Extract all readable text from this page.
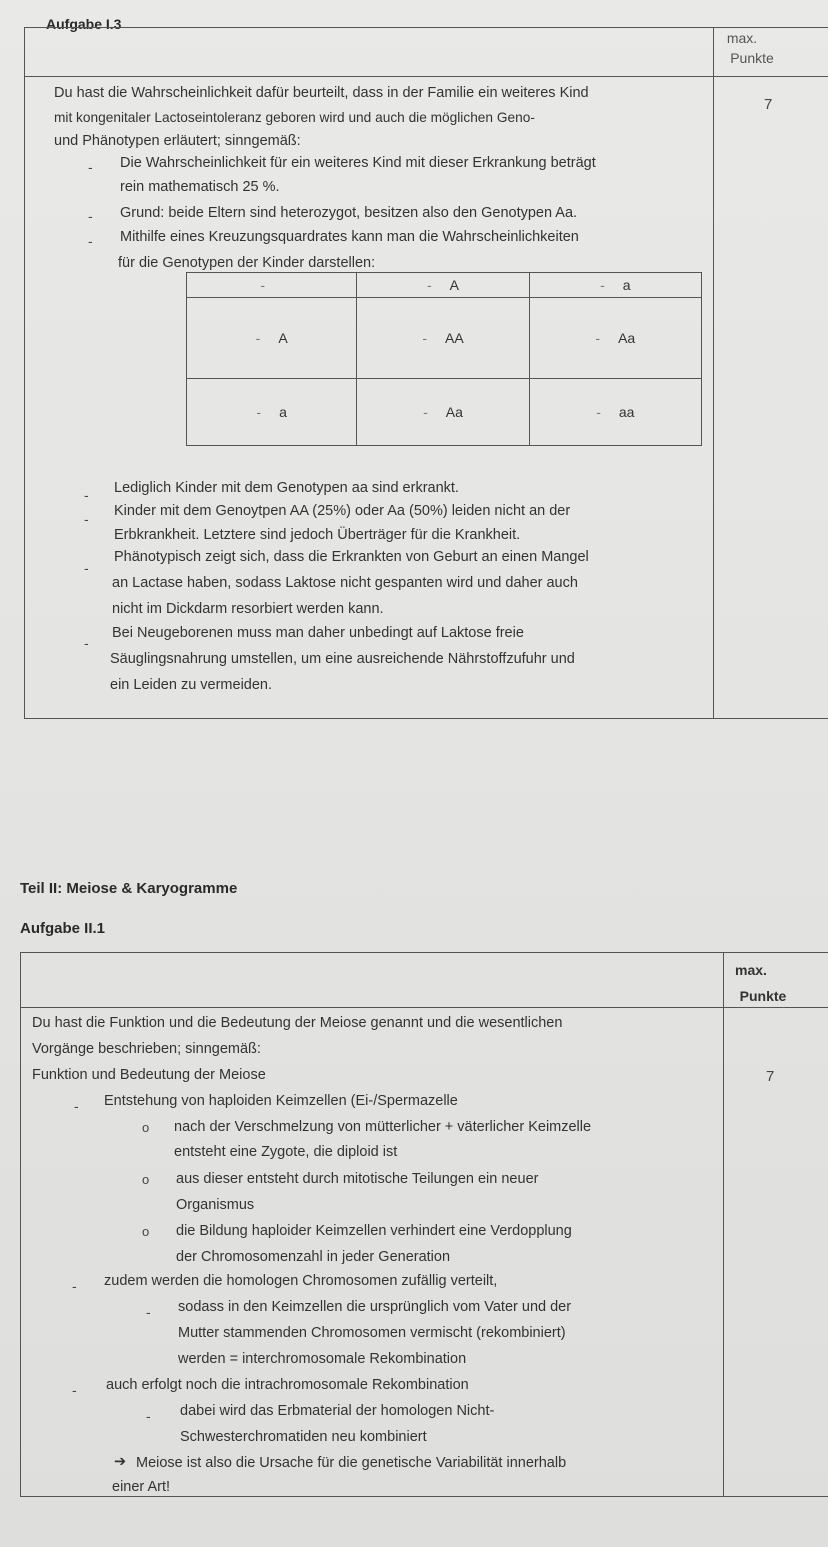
Aufgabe I.3
max.
Punkte
7
Du hast die Wahrscheinlichkeit dafür beurteilt, dass in der Familie ein weiteres Kind
mit kongenitaler Lactoseintoleranz geboren wird und auch die möglichen Geno-
und Phänotypen erläutert; sinngemäß:
- Die Wahrscheinlichkeit für ein weiteres Kind mit dieser Erkrankung beträgt
rein mathematisch 25 %.
- Grund: beide Eltern sind heterozygot, besitzen also den Genotypen Aa.
- Mithilfe eines Kreuzungsquardrates kann man die Wahrscheinlichkeiten
für die Genotypen der Kinder darstellen:
-	- A	- a
- A	- AA	- Aa
- a	- Aa	- aa
- Lediglich Kinder mit dem Genotypen aa sind erkrankt.
- Kinder mit dem Genoytpen AA (25%) oder Aa (50%) leiden nicht an der
Erbkrankheit. Letztere sind jedoch Überträger für die Krankheit.
-
Phänotypisch zeigt sich, dass die Erkrankten von Geburt an einen Mangel
an Lactase haben, sodass Laktose nicht gespanten wird und daher auch
nicht im Dickdarm resorbiert werden kann.
-
Bei Neugeborenen muss man daher unbedingt auf Laktose freie
Säuglingsnahrung umstellen, um eine ausreichende Nährstoffzufuhr und
ein Leiden zu vermeiden.
Teil II: Meiose & Karyogramme
Aufgabe II.1
max.
Punkte
7
Du hast die Funktion und die Bedeutung der Meiose genannt und die wesentlichen
Vorgänge beschrieben; sinngemäß:
Funktion und Bedeutung der Meiose
- Entstehung von haploiden Keimzellen (Ei-/Spermazelle
o nach der Verschmelzung von mütterlicher + väterlicher Keimzelle
entsteht eine Zygote, die diploid ist
o aus dieser entsteht durch mitotische Teilungen ein neuer
Organismus
o die Bildung haploider Keimzellen verhindert eine Verdopplung
der Chromosomenzahl in jeder Generation
- zudem werden die homologen Chromosomen zufällig verteilt,
- sodass in den Keimzellen die ursprünglich vom Vater und der
Mutter stammenden Chromosomen vermischt (rekombiniert)
werden = interchromosomale Rekombination
- auch erfolgt noch die intrachromosomale Rekombination
- dabei wird das Erbmaterial der homologen Nicht-
Schwesterchromatiden neu kombiniert
➔ Meiose ist also die Ursache für die genetische Variabilität innerhalb
einer Art!
